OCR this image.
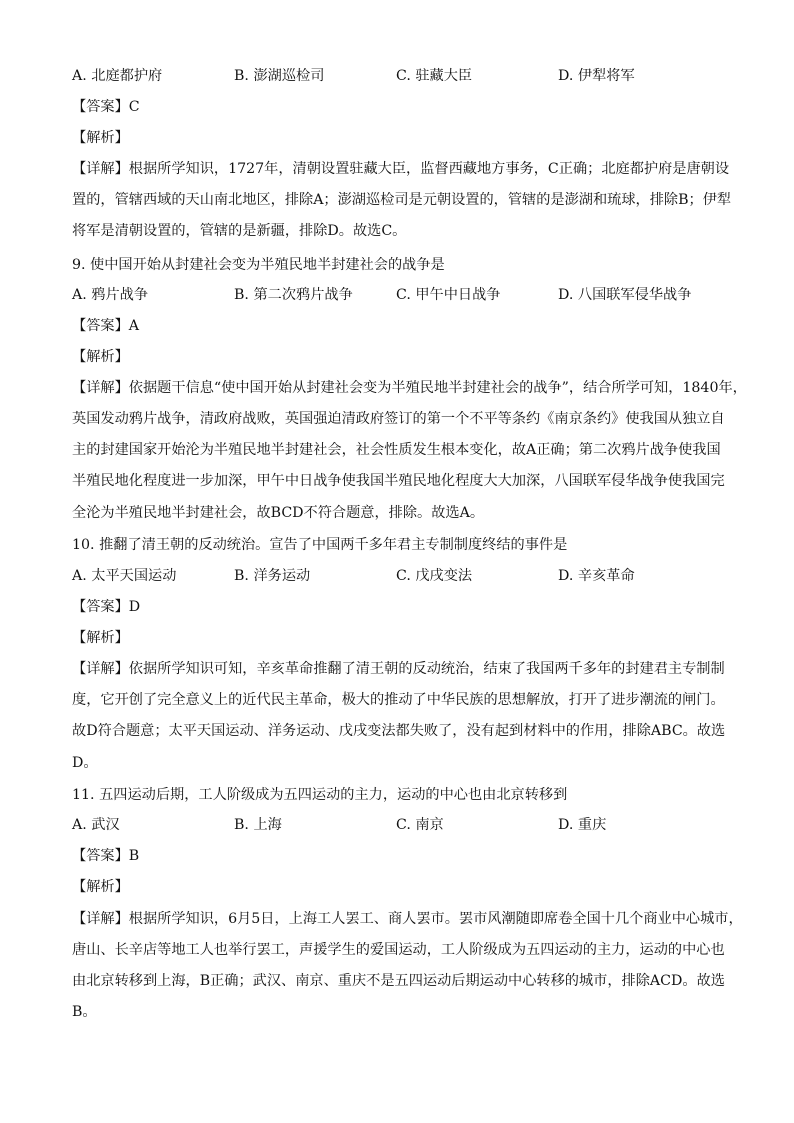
A. 北庭都护府	B. 澎湖巡检司	C. 驻藏大臣	D. 伊犁将军
【答案】C
【解析】
【详解】根据所学知识，1727年，清朝设置驻藏大臣，监督西藏地方事务，C正确；北庭都护府是唐朝设
置的，管辖西域的天山南北地区，排除A；澎湖巡检司是元朝设置的，管辖的是澎湖和琉球，排除B；伊犁
将军是清朝设置的，管辖的是新疆，排除D。故选C。
9. 使中国开始从封建社会变为半殖民地半封建社会的战争是
A. 鸦片战争	B. 第二次鸦片战争	C. 甲午中日战争	D. 八国联军侵华战争
【答案】A
【解析】
【详解】依据题干信息“使中国开始从封建社会变为半殖民地半封建社会的战争”，结合所学可知，1840年，
英国发动鸦片战争，清政府战败，英国强迫清政府签订的第一个不平等条约《南京条约》使我国从独立自
主的封建国家开始沦为半殖民地半封建社会，社会性质发生根本变化，故A正确；第二次鸦片战争使我国
半殖民地化程度进一步加深，甲午中日战争使我国半殖民地化程度大大加深，八国联军侵华战争使我国完
全沦为半殖民地半封建社会，故BCD不符合题意，排除。故选A。
10. 推翻了清王朝的反动统治。宣告了中国两千多年君主专制制度终结的事件是
A. 太平天国运动	B. 洋务运动	C. 戊戌变法	D. 辛亥革命
【答案】D
【解析】
【详解】依据所学知识可知，辛亥革命推翻了清王朝的反动统治，结束了我国两千多年的封建君主专制制
度，它开创了完全意义上的近代民主革命，极大的推动了中华民族的思想解放，打开了进步潮流的闸门。
故D符合题意；太平天国运动、洋务运动、戊戌变法都失败了，没有起到材料中的作用，排除ABC。故选
D。
11. 五四运动后期，工人阶级成为五四运动的主力，运动的中心也由北京转移到
A. 武汉	B. 上海	C. 南京	D. 重庆
【答案】B
【解析】
【详解】根据所学知识，6月5日，上海工人罢工、商人罢市。罢市风潮随即席卷全国十几个商业中心城市，
唐山、长辛店等地工人也举行罢工，声援学生的爱国运动，工人阶级成为五四运动的主力，运动的中心也
由北京转移到上海，B正确；武汉、南京、重庆不是五四运动后期运动中心转移的城市，排除ACD。故选
B。
